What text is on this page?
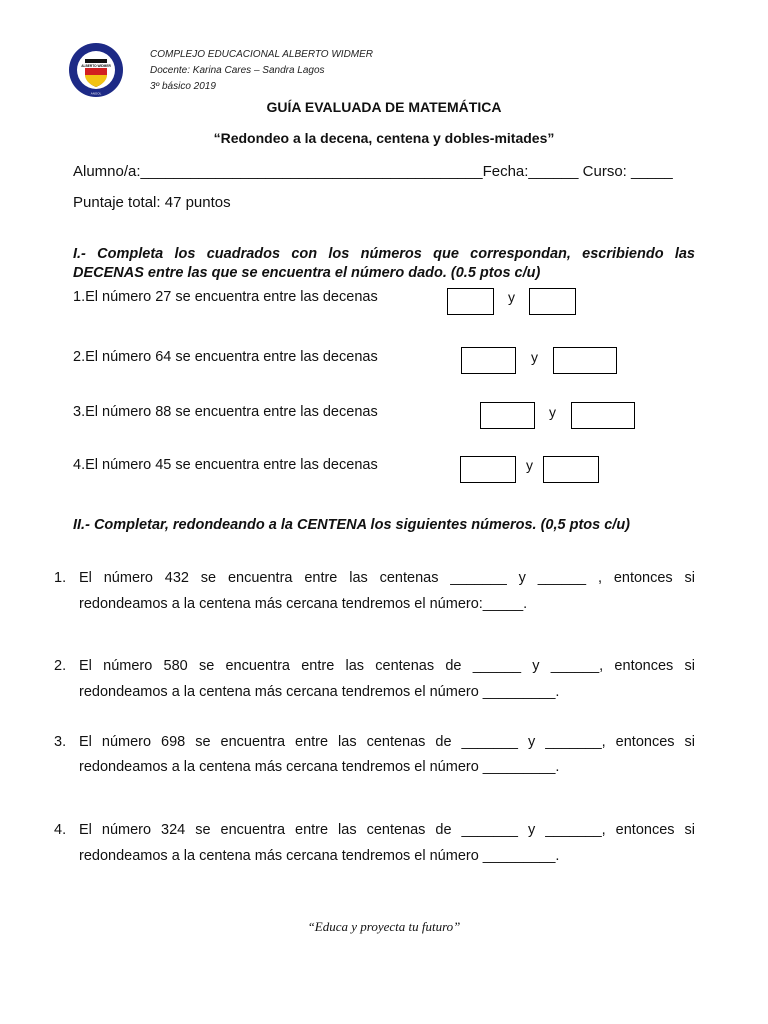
ALBERTO WIDMER
ANGOL
COMPLEJO EDUCACIONAL ALBERTO WIDMER
Docente: Karina Cares – Sandra Lagos
3º básico 2019
GUÍA EVALUADA DE MATEMÁTICA
“Redondeo a la decena, centena y dobles-mitades”
Alumno/a:_________________________________________Fecha:______ Curso: _____
Puntaje total: 47 puntos
I.- Completa los cuadrados con los números que correspondan, escribiendo las
DECENAS entre las que se encuentra el número dado. (0.5 ptos c/u)
1.El número 27 se encuentra entre las decenas	y
2.El número 64 se encuentra entre las decenas	y
3.El número 88 se encuentra entre las decenas	y
4.El número 45 se encuentra entre las decenas	y
II.- Completar, redondeando a la CENTENA los siguientes números. (0,5 ptos c/u)
1. El número 432 se encuentra entre las centenas _______ y ______ , entonces si
redondeamos a la centena más cercana tendremos el número:_____.
2. El número 580 se encuentra entre las centenas de ______ y ______, entonces si
redondeamos a la centena más cercana tendremos el número _________.
3. El número 698 se encuentra entre las centenas de _______ y _______, entonces si
redondeamos a la centena más cercana tendremos el número _________.
4. El número 324 se encuentra entre las centenas de _______ y _______, entonces si
redondeamos a la centena más cercana tendremos el número _________.
“Educa y proyecta tu futuro”
